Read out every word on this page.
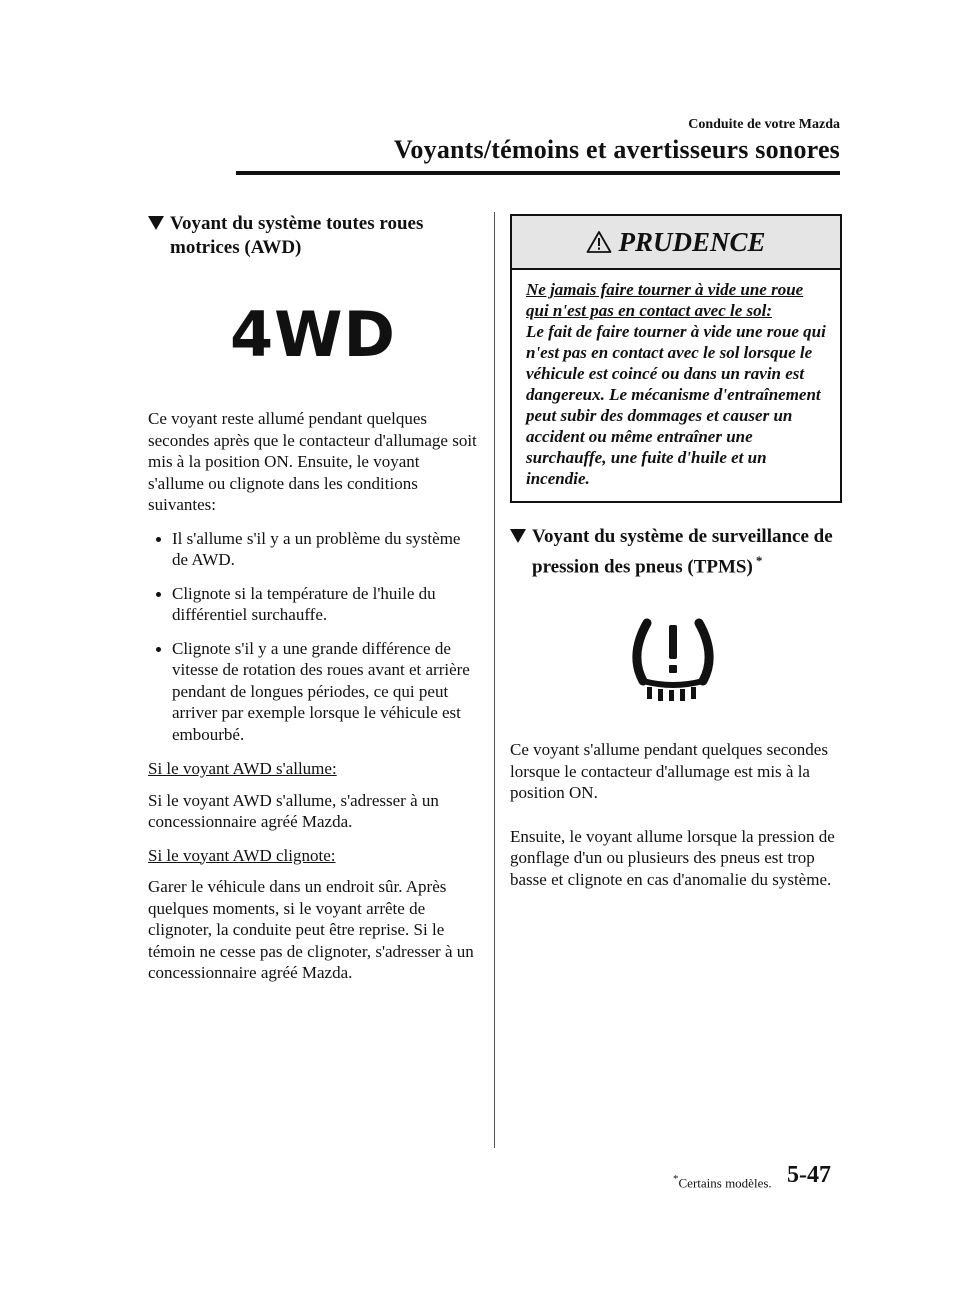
Conduite de votre Mazda
Voyants/témoins et avertisseurs sonores
Voyant du système toutes roues motrices (AWD)
4WD

Ce voyant reste allumé pendant quelques secondes après que le contacteur d'allumage soit mis à la position ON. Ensuite, le voyant s'allume ou clignote dans les conditions suivantes:

Il s'allume s'il y a un problème du système de AWD.
Clignote si la température de l'huile du différentiel surchauffe.
Clignote s'il y a une grande différence de vitesse de rotation des roues avant et arrière pendant de longues périodes, ce qui peut arriver par exemple lorsque le véhicule est embourbé.

Si le voyant AWD s'allume:

Si le voyant AWD s'allume, s'adresser à un concessionnaire agréé Mazda.

Si le voyant AWD clignote:

Garer le véhicule dans un endroit sûr. Après quelques moments, si le voyant arrête de clignoter, la conduite peut être reprise. Si le témoin ne cesse pas de clignoter, s'adresser à un concessionnaire agréé Mazda.

PRUDENCE
Ne jamais faire tourner à vide une roue qui n'est pas en contact avec le sol:
Le fait de faire tourner à vide une roue qui n'est pas en contact avec le sol lorsque le véhicule est coincé ou dans un ravin est dangereux. Le mécanisme d'entraînement peut subir des dommages et causer un accident ou même entraîner une surchauffe, une fuite d'huile et un incendie.
Voyant du système de surveillance de pression des pneus (TPMS) *

Ce voyant s'allume pendant quelques secondes lorsque le contacteur d'allumage est mis à la position ON.

Ensuite, le voyant allume lorsque la pression de gonflage d'un ou plusieurs des pneus est trop basse et clignote en cas d'anomalie du système.

*Certains modèles. 5-47
